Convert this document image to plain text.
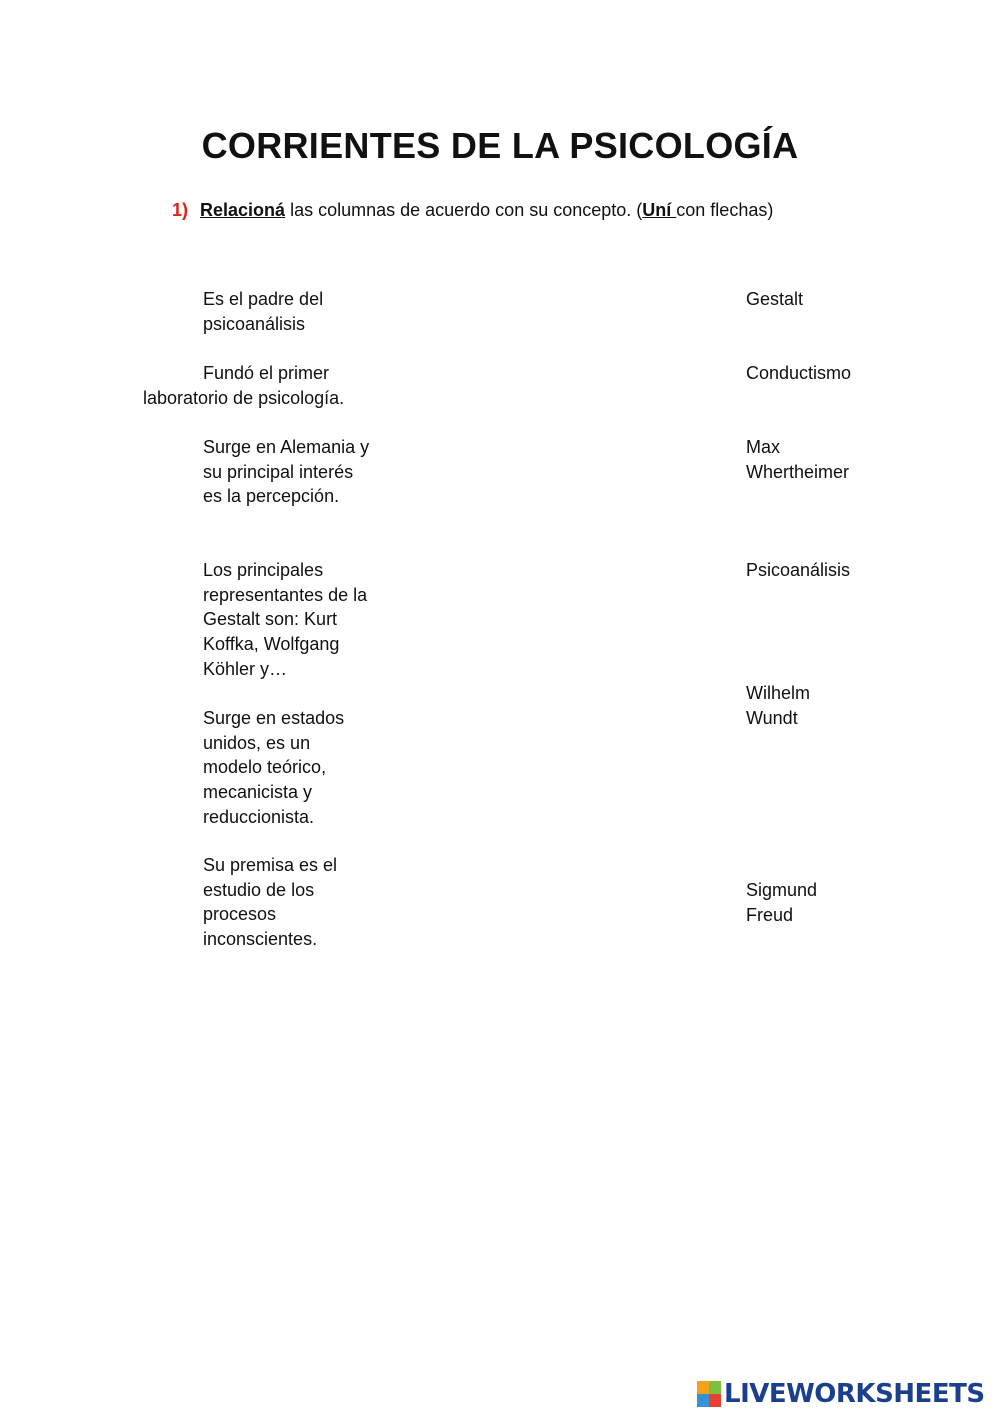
CORRIENTES DE LA PSICOLOGÍA
1) Relacioná las columnas de acuerdo con su concepto. (Uní con flechas)
Es el padre del
psicoanálisis
Fundó el primer
laboratorio de psicología.
Surge en Alemania y
su principal interés
es la percepción.
Los principales
representantes de la
Gestalt son: Kurt
Koffka, Wolfgang
Köhler y…
Surge en estados
unidos, es un
modelo teórico,
mecanicista y
reduccionista.
Su premisa es el
estudio de los
procesos
inconscientes.
Gestalt
Conductismo
Max
Whertheimer
Psicoanálisis
Wilhelm
Wundt
Sigmund
Freud
LIVEWORKSHEETS
